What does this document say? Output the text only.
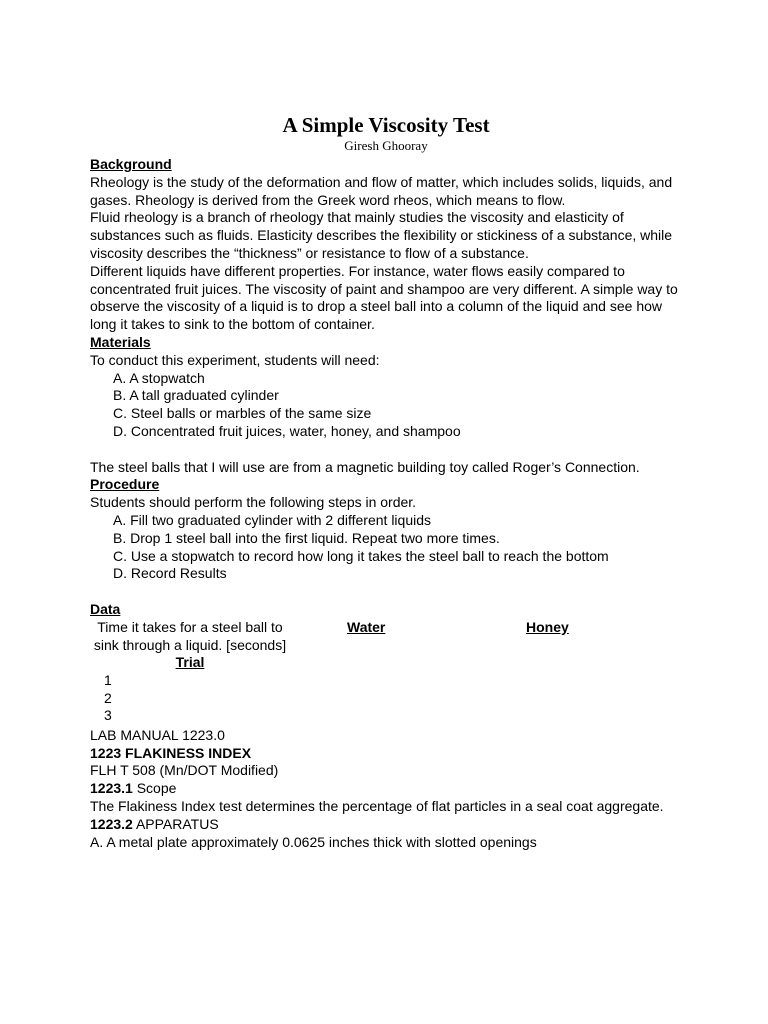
A Simple Viscosity Test

Giresh Ghooray

Background

Rheology is the study of the deformation and flow of matter, which includes solids, liquids, and gases. Rheology is derived from the Greek word rheos, which means to flow.

Fluid rheology is a branch of rheology that mainly studies the viscosity and elasticity of substances such as fluids. Elasticity describes the flexibility or stickiness of a substance, while viscosity describes the “thickness” or resistance to flow of a substance.

Different liquids have different properties. For instance, water flows easily compared to concentrated fruit juices. The viscosity of paint and shampoo are very different. A simple way to observe the viscosity of a liquid is to drop a steel ball into a column of the liquid and see how long it takes to sink to the bottom of container.

Materials

To conduct this experiment, students will need:

A. A stopwatch
B. A tall graduated cylinder
C. Steel balls or marbles of the same size
D. Concentrated fruit juices, water, honey, and shampoo

The steel balls that I will use are from a magnetic building toy called Roger’s Connection.

Procedure

Students should perform the following steps in order.

A. Fill two graduated cylinder with 2 different liquids
B. Drop 1 steel ball into the first liquid. Repeat two more times.
C. Use a stopwatch to record how long it takes the steel ball to reach the bottom
D. Record Results

Data

Time it takes for a steel ball to sink through a liquid. [seconds] Trial
Water	Honey
1
2
3

LAB MANUAL 1223.0

1223 FLAKINESS INDEX

FLH T 508 (Mn/DOT Modified)

1223.1 Scope

The Flakiness Index test determines the percentage of flat particles in a seal coat aggregate.

1223.2 APPARATUS

A. A metal plate approximately 0.0625 inches thick with slotted openings
